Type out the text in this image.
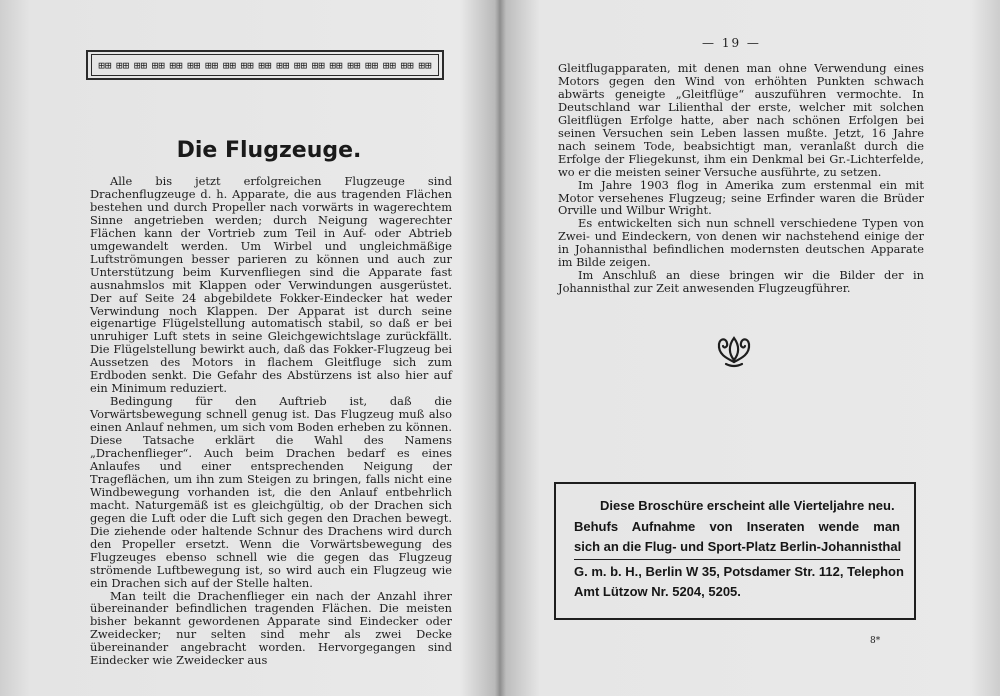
⊞⊞ ⊞⊞ ⊞⊞ ⊞⊞ ⊞⊞ ⊞⊞ ⊞⊞ ⊞⊞ ⊞⊞ ⊞⊞ ⊞⊞ ⊞⊞ ⊞⊞ ⊞⊞ ⊞⊞ ⊞⊞ ⊞⊞ ⊞⊞ ⊞⊞
Die Flugzeuge.

Alle bis jetzt erfolgreichen Flugzeuge sind Drachenflugzeuge d. h. Apparate, die aus tragenden Flächen bestehen und durch Propeller nach vorwärts in wagerechtem Sinne angetrieben werden; durch Neigung wagerechter Flächen kann der Vortrieb zum Teil in Auf- oder Abtrieb umgewandelt werden. Um Wirbel und ungleichmäßige Luftströmungen besser parieren zu können und auch zur Unterstützung beim Kurvenfliegen sind die Apparate fast ausnahmslos mit Klappen oder Verwindungen ausgerüstet. Der auf Seite 24 abgebildete Fokker-Eindecker hat weder Verwindung noch Klappen. Der Apparat ist durch seine eigenartige Flügelstellung automatisch stabil, so daß er bei unruhiger Luft stets in seine Gleichgewichtslage zurückfällt. Die Flügelstellung bewirkt auch, daß das Fokker-Flugzeug bei Aussetzen des Motors in flachem Gleitfluge sich zum Erdboden senkt. Die Gefahr des Abstürzens ist also hier auf ein Minimum reduziert.

Bedingung für den Auftrieb ist, daß die Vorwärtsbewegung schnell genug ist. Das Flugzeug muß also einen Anlauf nehmen, um sich vom Boden erheben zu können. Diese Tatsache erklärt die Wahl des Namens „Drachenflieger“. Auch beim Drachen bedarf es eines Anlaufes und einer entsprechenden Neigung der Trageflächen, um ihn zum Steigen zu bringen, falls nicht eine Windbewegung vorhanden ist, die den Anlauf entbehrlich macht. Naturgemäß ist es gleichgültig, ob der Drachen sich gegen die Luft oder die Luft sich gegen den Drachen bewegt. Die ziehende oder haltende Schnur des Drachens wird durch den Propeller ersetzt. Wenn die Vorwärtsbewegung des Flugzeuges ebenso schnell wie die gegen das Flugzeug strömende Luftbewegung ist, so wird auch ein Flugzeug wie ein Drachen sich auf der Stelle halten.

Man teilt die Drachenflieger ein nach der Anzahl ihrer übereinander befindlichen tragenden Flächen. Die meisten bisher bekannt gewordenen Apparate sind Eindecker oder Zweidecker; nur selten sind mehr als zwei Decke übereinander angebracht worden. Hervorgegangen sind Eindecker wie Zweidecker aus

— 19 —

Gleitflugapparaten, mit denen man ohne Verwendung eines Motors gegen den Wind von erhöhten Punkten schwach abwärts geneigte „Gleitflüge“ auszuführen vermochte. In Deutschland war Lilienthal der erste, welcher mit solchen Gleitflügen Erfolge hatte, aber nach schönen Erfolgen bei seinen Versuchen sein Leben lassen mußte. Jetzt, 16 Jahre nach seinem Tode, beabsichtigt man, veranlaßt durch die Erfolge der Fliegekunst, ihm ein Denkmal bei Gr.-Lichterfelde, wo er die meisten seiner Versuche ausführte, zu setzen.

Im Jahre 1903 flog in Amerika zum erstenmal ein mit Motor versehenes Flugzeug; seine Erfinder waren die Brüder Orville und Wilbur Wright.

Es entwickelten sich nun schnell verschiedene Typen von Zwei- und Eindeckern, von denen wir nachstehend einige der in Johannisthal befindlichen modernsten deutschen Apparate im Bilde zeigen.

Im Anschluß an diese bringen wir die Bilder der in Johannisthal zur Zeit anwesenden Flugzeugführer.

Diese Broschüre erscheint alle Vierteljahre neu.
Behufs Aufnahme von Inseraten wende man
sich an die Flug- und Sport-Platz Berlin-Johannisthal
G. m. b. H., Berlin W 35, Potsdamer Str. 112, Telephon
Amt Lützow Nr. 5204, 5205.
8*
